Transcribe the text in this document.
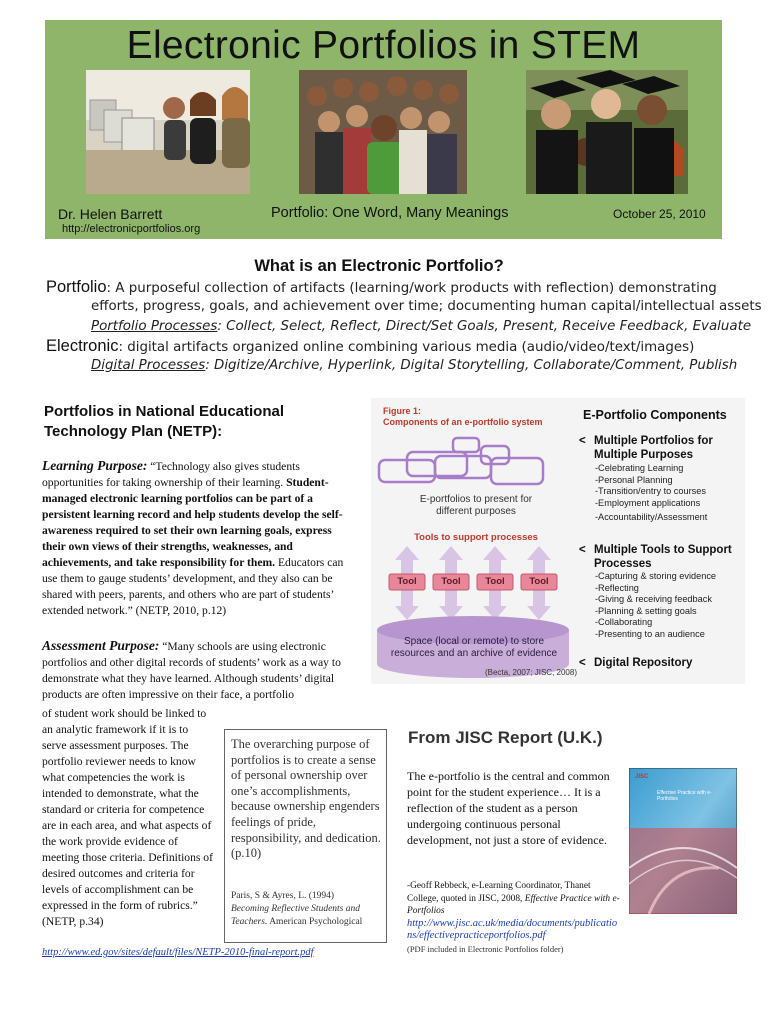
Electronic Portfolios in STEM
Dr. Helen Barrett
http://electronicportfolios.org
Portfolio: One Word, Many Meanings	October 25, 2010
What is an Electronic Portfolio?
Portfolio: A purposeful collection of artifacts (learning/work products with reflection) demonstrating
efforts, progress, goals, and achievement over time; documenting human capital/intellectual assets
Portfolio Processes: Collect, Select, Reflect, Direct/Set Goals, Present, Receive Feedback, Evaluate
Electronic: digital artifacts organized online combining various media (audio/video/text/images)
Digital Processes: Digitize/Archive, Hyperlink, Digital Storytelling, Collaborate/Comment, Publish
Portfolios in National Educational Technology Plan (NETP):
Learning Purpose: “Technology also gives students opportunities for taking ownership of their learning. Student-managed electronic learning portfolios can be part of a persistent learning record and help students develop the self-awareness required to set their own learning goals, express their own views of their strengths, weaknesses, and achievements, and take responsibility for them. Educators can use them to gauge students’ development, and they also can be shared with peers, parents, and others who are part of students’ extended network.” (NETP, 2010, p.12)
Assessment Purpose: “Many schools are using electronic portfolios and other digital records of students’ work as a way to demonstrate what they have learned. Although students’ digital products are often impressive on their face, a portfolio
of student work should be linked to an analytic framework if it is to serve assessment purposes. The portfolio reviewer needs to know what competencies the work is intended to demonstrate, what the standard or criteria for competence are in each area, and what aspects of the work provide evidence of meeting those criteria. Definitions of desired outcomes and criteria for levels of accomplishment can be expressed in the form of rubrics.” (NETP, p.34)
http://www.ed.gov/sites/default/files/NETP-2010-final-report.pdf
The overarching purpose of portfolios is to create a sense of personal ownership over one’s accomplishments, because ownership engenders feelings of pride, responsibility, and dedication. (p.10)
Paris, S & Ayres, L. (1994)
Becoming Reflective Students and Teachers. American Psychological
Figure 1:
Components of an e-portfolio system
E-portfolios to present for different purposes
Tools to support processes
Tool	Tool	Tool	Tool
Space (local or remote) to store resources and an archive of evidence
(Becta, 2007; JISC, 2008)
E-Portfolio Components
< Multiple Portfolios for Multiple Purposes
-Celebrating Learning
-Personal Planning
-Transition/entry to courses
-Employment applications
-Accountability/Assessment
< Multiple Tools to Support Processes
-Capturing & storing evidence
-Reflecting
-Giving & receiving feedback
-Planning & setting goals
-Collaborating
-Presenting to an audience
< Digital Repository
From JISC Report (U.K.)
The e-portfolio is the central and common point for the student experience… It is a reflection of the student as a person undergoing continuous personal development, not just a store of evidence.
-Geoff Rebbeck, e-Learning Coordinator, Thanet College, quoted in JISC, 2008, Effective Practice with e-Portfolios
http://www.jisc.ac.uk/media/documents/publications/effectivepracticeportfolios.pdf
(PDF included in Electronic Portfolios folder)
JISC
Effective Practice with e-Portfolios
